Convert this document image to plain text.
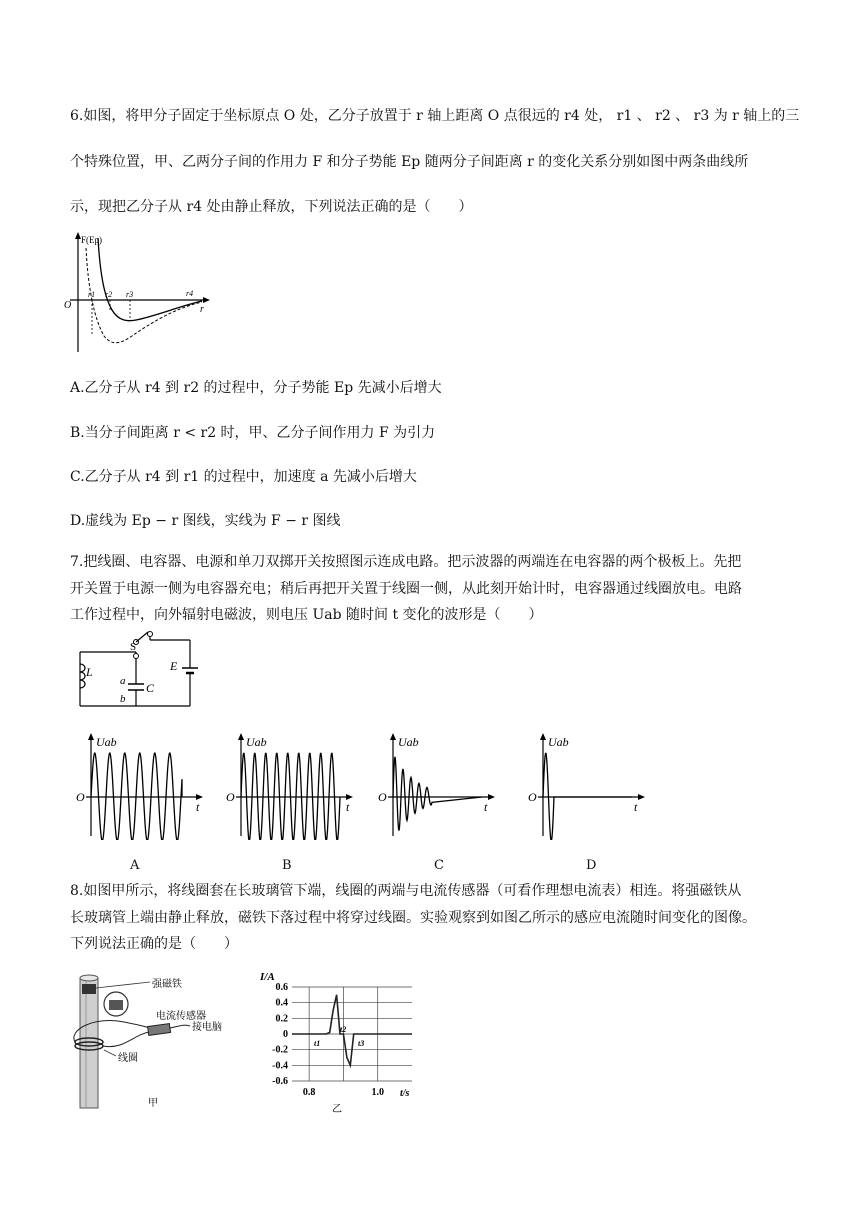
6.如图，将甲分子固定于坐标原点 O 处，乙分子放置于 r 轴上距离 O 点很远的 r4 处， r1 、 r2 、 r3 为 r 轴上的三

个特殊位置，甲、乙两分子间的作用力 F 和分子势能 Ep 随两分子间距离 r 的变化关系分别如图中两条曲线所

示，现把乙分子从 r4 处由静止释放，下列说法正确的是（　　）

F(Ep)
O	r
r1 r2 r3	r4

A.乙分子从 r4 到 r2 的过程中，分子势能 Ep 先减小后增大

B.当分子间距离 r < r2 时，甲、乙分子间作用力 F 为引力

C.乙分子从 r4 到 r1 的过程中，加速度 a 先减小后增大

D.虚线为 Ep − r 图线，实线为 F − r 图线

7.把线圈、电容器、电源和单刀双掷开关按照图示连成电路。把示波器的两端连在电容器的两个极板上。先把

开关置于电源一侧为电容器充电；稍后再把开关置于线圈一侧，从此刻开始计时，电容器通过线圈放电。电路

工作过程中，向外辐射电磁波，则电压 Uab 随时间 t 变化的波形是（　　）

L
S
C
a
b
E
Uab
O
t
Uab
O
t
Uab
O
t
Uab
O
t
A	B	C	D

8.如图甲所示，将线圈套在长玻璃管下端，线圈的两端与电流传感器（可看作理想电流表）相连。将强磁铁从

长玻璃管上端由静止释放，磁铁下落过程中将穿过线圈。实验观察到如图乙所示的感应电流随时间变化的图像。

下列说法正确的是（　　）

强磁铁
电流传感器
接电脑
线圈
甲
0.6
0.4
0.2
0
-0.2
-0.4
-0.6
0.8	1.0
I/A
t/s
t1
t2
t3
乙
